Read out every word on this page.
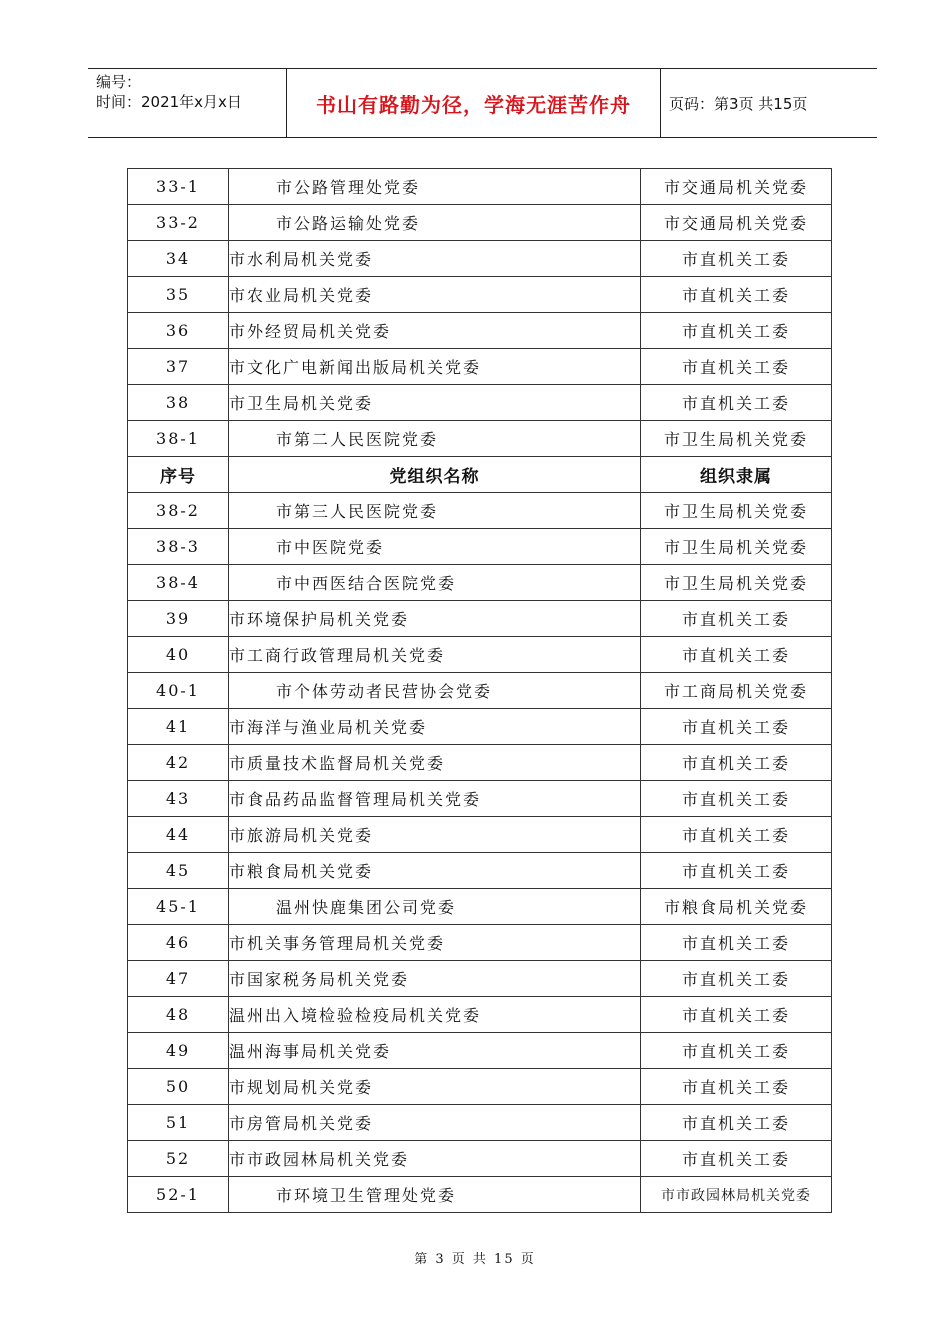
编号：
时间：2021年x月x日	书山有路勤为径，学海无涯苦作舟	页码：第3页 共15页
33-1	市公路管理处党委	市交通局机关党委
33-2	市公路运输处党委	市交通局机关党委
34	市水利局机关党委	市直机关工委
35	市农业局机关党委	市直机关工委
36	市外经贸局机关党委	市直机关工委
37	市文化广电新闻出版局机关党委	市直机关工委
38	市卫生局机关党委	市直机关工委
38-1	市第二人民医院党委	市卫生局机关党委
序号	党组织名称	组织隶属
38-2	市第三人民医院党委	市卫生局机关党委
38-3	市中医院党委	市卫生局机关党委
38-4	市中西医结合医院党委	市卫生局机关党委
39	市环境保护局机关党委	市直机关工委
40	市工商行政管理局机关党委	市直机关工委
40-1	市个体劳动者民营协会党委	市工商局机关党委
41	市海洋与渔业局机关党委	市直机关工委
42	市质量技术监督局机关党委	市直机关工委
43	市食品药品监督管理局机关党委	市直机关工委
44	市旅游局机关党委	市直机关工委
45	市粮食局机关党委	市直机关工委
45-1	温州快鹿集团公司党委	市粮食局机关党委
46	市机关事务管理局机关党委	市直机关工委
47	市国家税务局机关党委	市直机关工委
48	温州出入境检验检疫局机关党委	市直机关工委
49	温州海事局机关党委	市直机关工委
50	市规划局机关党委	市直机关工委
51	市房管局机关党委	市直机关工委
52	市市政园林局机关党委	市直机关工委
52-1	市环境卫生管理处党委	市市政园林局机关党委
第 3 页 共 15 页
